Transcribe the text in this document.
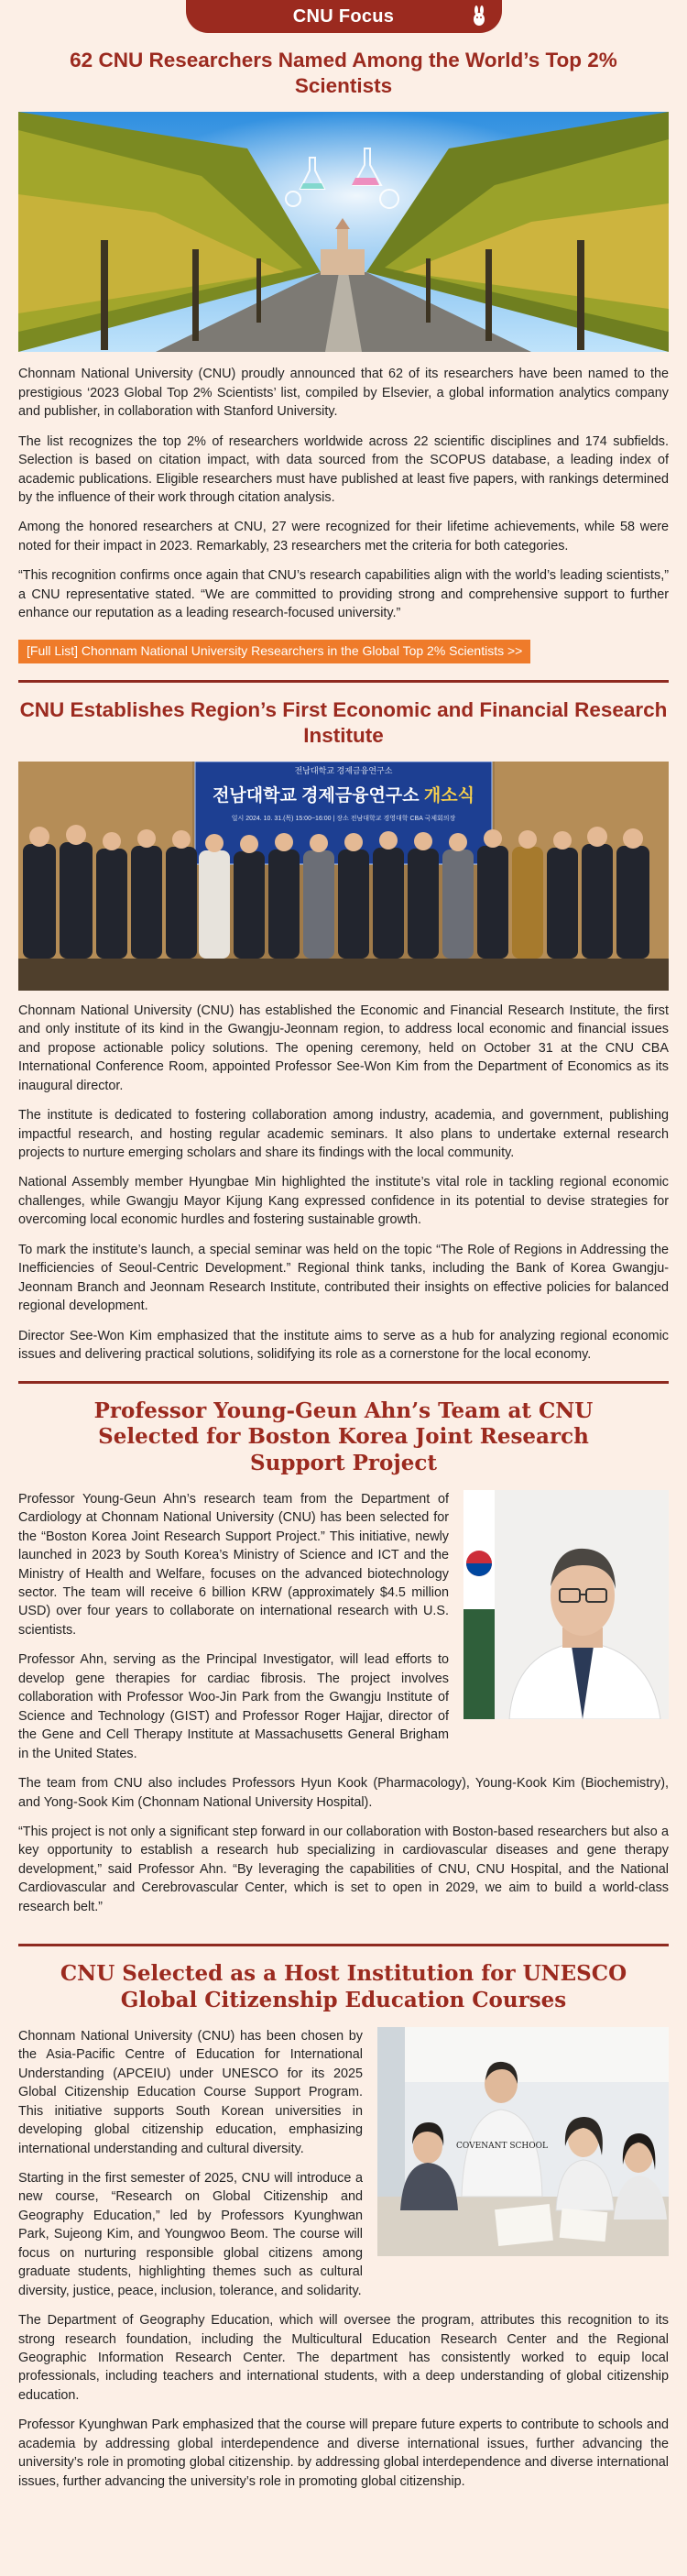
CNU Focus
62 CNU Researchers Named Among the World’s Top 2% Scientists

Chonnam National University (CNU) proudly announced that 62 of its researchers have been named to the prestigious ‘2023 Global Top 2% Scientists’ list, compiled by Elsevier, a global information analytics company and publisher, in collaboration with Stanford University.

The list recognizes the top 2% of researchers worldwide across 22 scientific disciplines and 174 subfields. Selection is based on citation impact, with data sourced from the SCOPUS database, a leading index of academic publications. Eligible researchers must have published at least five papers, with rankings determined by the influence of their work through citation analysis.

Among the honored researchers at CNU, 27 were recognized for their lifetime achievements, while 58 were noted for their impact in 2023. Remarkably, 23 researchers met the criteria for both categories.

“This recognition confirms once again that CNU’s research capabilities align with the world’s leading scientists,” a CNU representative stated. “We are committed to providing strong and comprehensive support to further enhance our reputation as a leading research-focused university.”

[Full List] Chonnam National University Researchers in the Global Top 2% Scientists >>
CNU Establishes Region’s First Economic and Financial Research Institute
전남대학교 경제금융연구소
전남대학교 경제금융연구소 개소식
일시 2024. 10. 31.(목) 15:00~16:00 | 장소 전남대학교 경영대학 CBA 국제회의장

Chonnam National University (CNU) has established the Economic and Financial Research Institute, the first and only institute of its kind in the Gwangju-Jeonnam region, to address local economic and financial issues and propose actionable policy solutions. The opening ceremony, held on October 31 at the CNU CBA International Conference Room, appointed Professor See-Won Kim from the Department of Economics as its inaugural director.

The institute is dedicated to fostering collaboration among industry, academia, and government, publishing impactful research, and hosting regular academic seminars. It also plans to undertake external research projects to nurture emerging scholars and share its findings with the local community.

National Assembly member Hyungbae Min highlighted the institute’s vital role in tackling regional economic challenges, while Gwangju Mayor Kijung Kang expressed confidence in its potential to devise strategies for overcoming local economic hurdles and fostering sustainable growth.

To mark the institute’s launch, a special seminar was held on the topic “The Role of Regions in Addressing the Inefficiencies of Seoul-Centric Development.” Regional think tanks, including the Bank of Korea Gwangju-Jeonnam Branch and Jeonnam Research Institute, contributed their insights on effective policies for balanced regional development.

Director See-Won Kim emphasized that the institute aims to serve as a hub for analyzing regional economic issues and delivering practical solutions, solidifying its role as a cornerstone for the local economy.

Professor Young-Geun Ahn’s Team at CNU Selected for Boston Korea Joint Research Support Project

Professor Young-Geun Ahn’s research team from the Department of Cardiology at Chonnam National University (CNU) has been selected for the “Boston Korea Joint Research Support Project.” This initiative, newly launched in 2023 by South Korea’s Ministry of Science and ICT and the Ministry of Health and Welfare, focuses on the advanced biotechnology sector. The team will receive 6 billion KRW (approximately $4.5 million USD) over four years to collaborate on international research with U.S. scientists.

Professor Ahn, serving as the Principal Investigator, will lead efforts to develop gene therapies for cardiac fibrosis. The project involves collaboration with Professor Woo-Jin Park from the Gwangju Institute of Science and Technology (GIST) and Professor Roger Hajjar, director of the Gene and Cell Therapy Institute at Massachusetts General Brigham in the United States.

The team from CNU also includes Professors Hyun Kook (Pharmacology), Young-Kook Kim (Biochemistry), and Yong-Sook Kim (Chonnam National University Hospital).

“This project is not only a significant step forward in our collaboration with Boston-based researchers but also a key opportunity to establish a research hub specializing in cardiovascular diseases and gene therapy development,” said Professor Ahn. “By leveraging the capabilities of CNU, CNU Hospital, and the National Cardiovascular and Cerebrovascular Center, which is set to open in 2029, we aim to build a world-class research belt.”

CNU Selected as a Host Institution for UNESCO Global Citizenship Education Courses
COVENANT SCHOOL

Chonnam National University (CNU) has been chosen by the Asia-Pacific Centre of Education for International Understanding (APCEIU) under UNESCO for its 2025 Global Citizenship Education Course Support Program. This initiative supports South Korean universities in developing global citizenship education, emphasizing international understanding and cultural diversity.

Starting in the first semester of 2025, CNU will introduce a new course, “Research on Global Citizenship and Geography Education,” led by Professors Kyunghwan Park, Sujeong Kim, and Youngwoo Beom. The course will focus on nurturing responsible global citizens among graduate students, highlighting themes such as cultural diversity, justice, peace, inclusion, tolerance, and solidarity.

The Department of Geography Education, which will oversee the program, attributes this recognition to its strong research foundation, including the Multicultural Education Research Center and the Regional Geographic Information Research Center. The department has consistently worked to equip local professionals, including teachers and international students, with a deep understanding of global citizenship education.

Professor Kyunghwan Park emphasized that the course will prepare future experts to contribute to schools and academia by addressing global interdependence and diverse international issues, further advancing the university’s role in promoting global citizenship. by addressing global interdependence and diverse international issues, further advancing the university’s role in promoting global citizenship.
